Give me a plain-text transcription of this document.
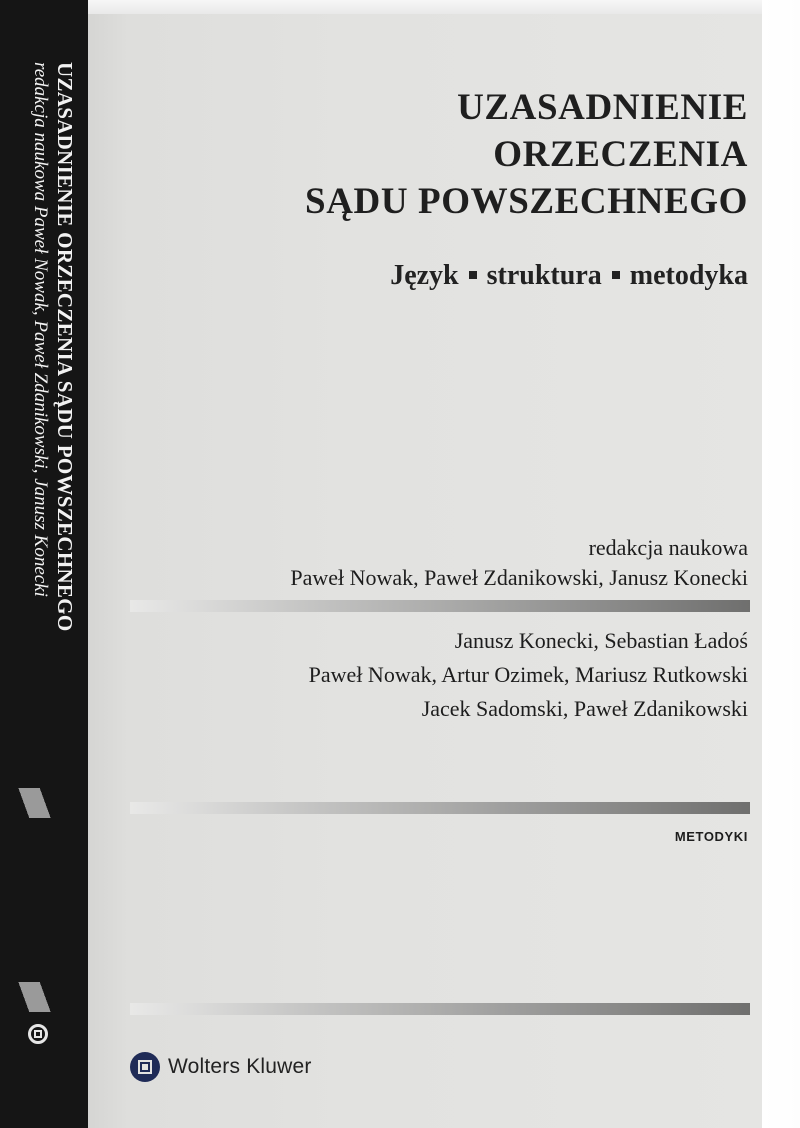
UZASADNIENIE ORZECZENIA SĄDU POWSZECHNEGO
redakcja naukowa Paweł Nowak, Paweł Zdanikowski, Janusz Konecki	UZASADNIENIE
ORZECZENIA
SĄDU POWSZECHNEGO
Język struktura metodyka
redakcja naukowa
Paweł Nowak, Paweł Zdanikowski, Janusz Konecki
Janusz Konecki, Sebastian Ładoś
Paweł Nowak, Artur Ozimek, Mariusz Rutkowski
Jacek Sadomski, Paweł Zdanikowski
METODYKI
Wolters Kluwer
